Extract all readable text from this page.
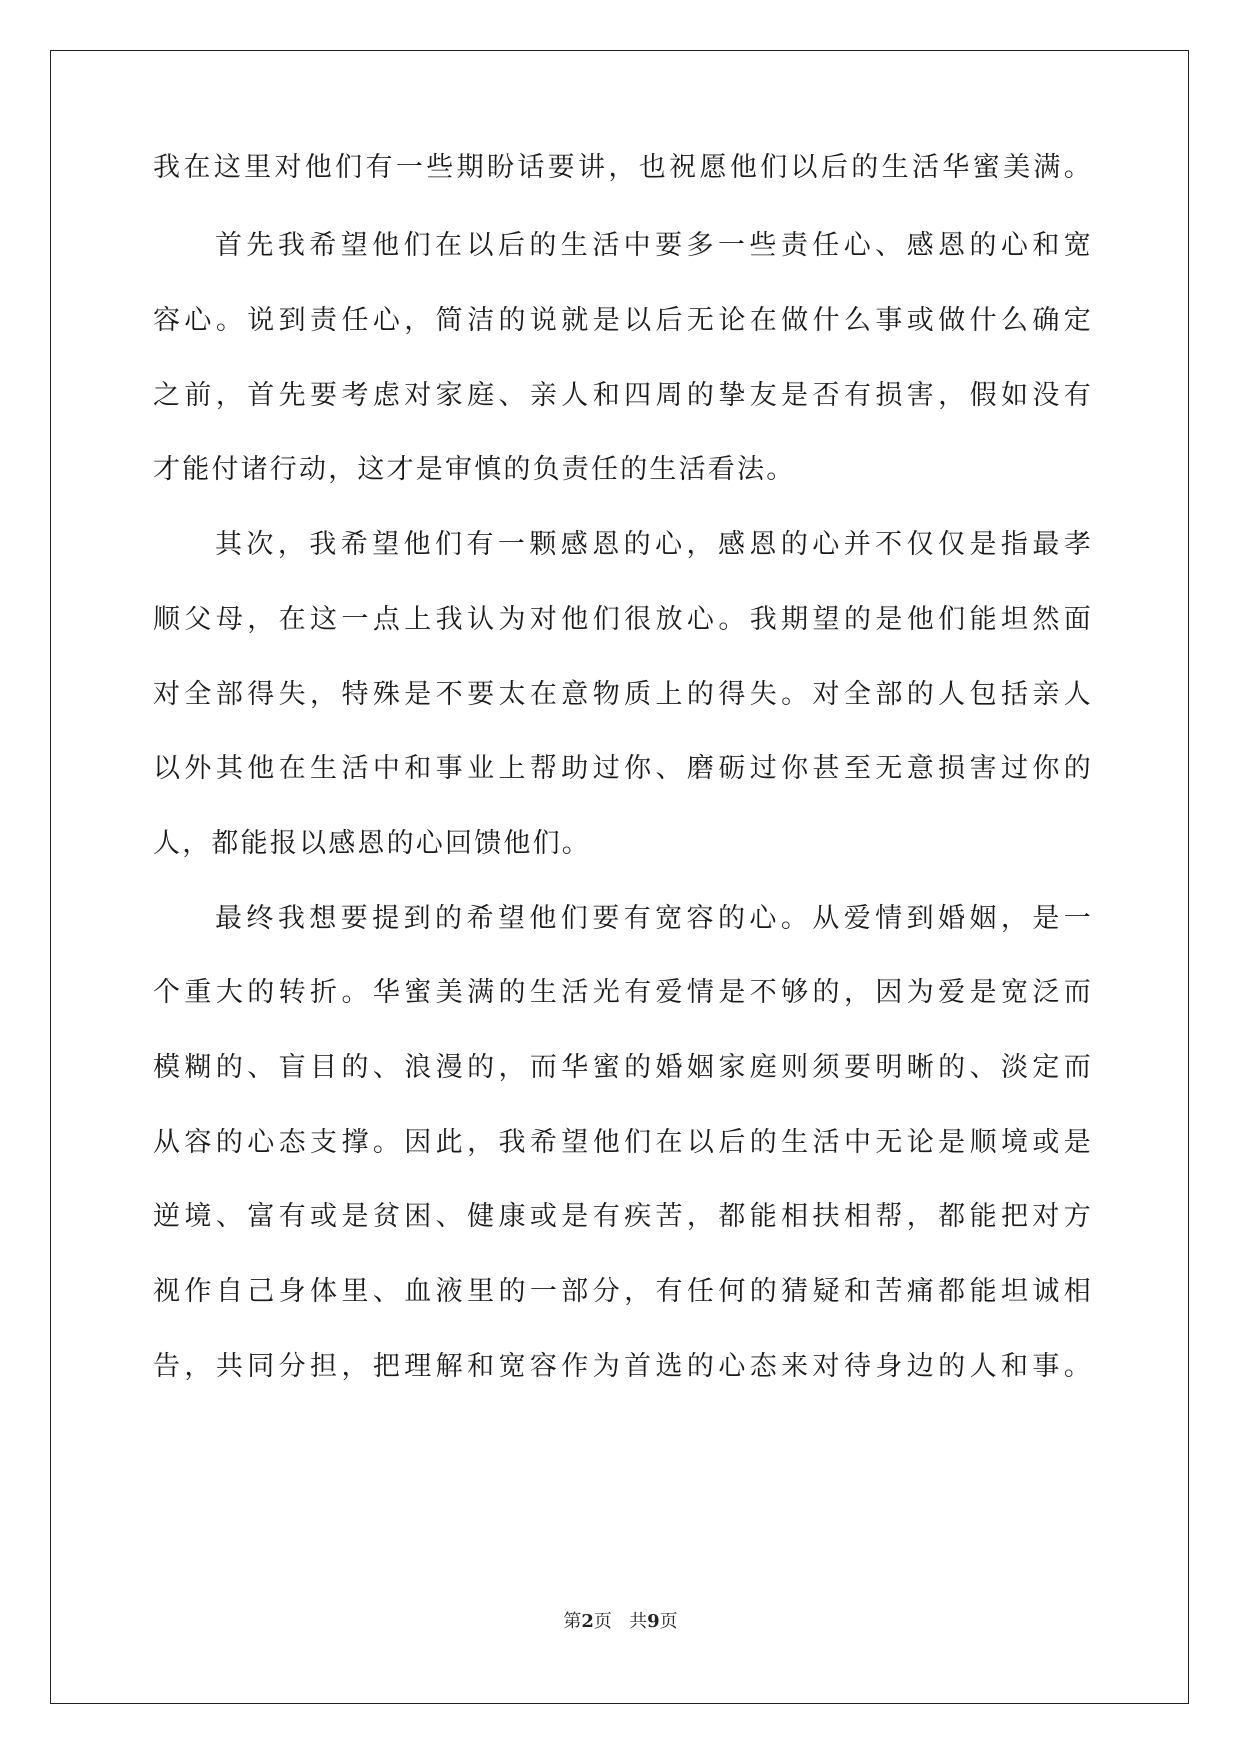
我在这里对他们有一些期盼话要讲，也祝愿他们以后的生活华蜜美满。
首先我希望他们在以后的生活中要多一些责任心、感恩的心和宽
容心。说到责任心，简洁的说就是以后无论在做什么事或做什么确定
之前，首先要考虑对家庭、亲人和四周的挚友是否有损害，假如没有
才能付诸行动，这才是审慎的负责任的生活看法。
其次，我希望他们有一颗感恩的心，感恩的心并不仅仅是指最孝
顺父母，在这一点上我认为对他们很放心。我期望的是他们能坦然面
对全部得失，特殊是不要太在意物质上的得失。对全部的人包括亲人
以外其他在生活中和事业上帮助过你、磨砺过你甚至无意损害过你的
人，都能报以感恩的心回馈他们。
最终我想要提到的希望他们要有宽容的心。从爱情到婚姻，是一
个重大的转折。华蜜美满的生活光有爱情是不够的，因为爱是宽泛而
模糊的、盲目的、浪漫的，而华蜜的婚姻家庭则须要明晰的、淡定而
从容的心态支撑。因此，我希望他们在以后的生活中无论是顺境或是
逆境、富有或是贫困、健康或是有疾苦，都能相扶相帮，都能把对方
视作自己身体里、血液里的一部分，有任何的猜疑和苦痛都能坦诚相
告，共同分担，把理解和宽容作为首选的心态来对待身边的人和事。
第2页 共9页
